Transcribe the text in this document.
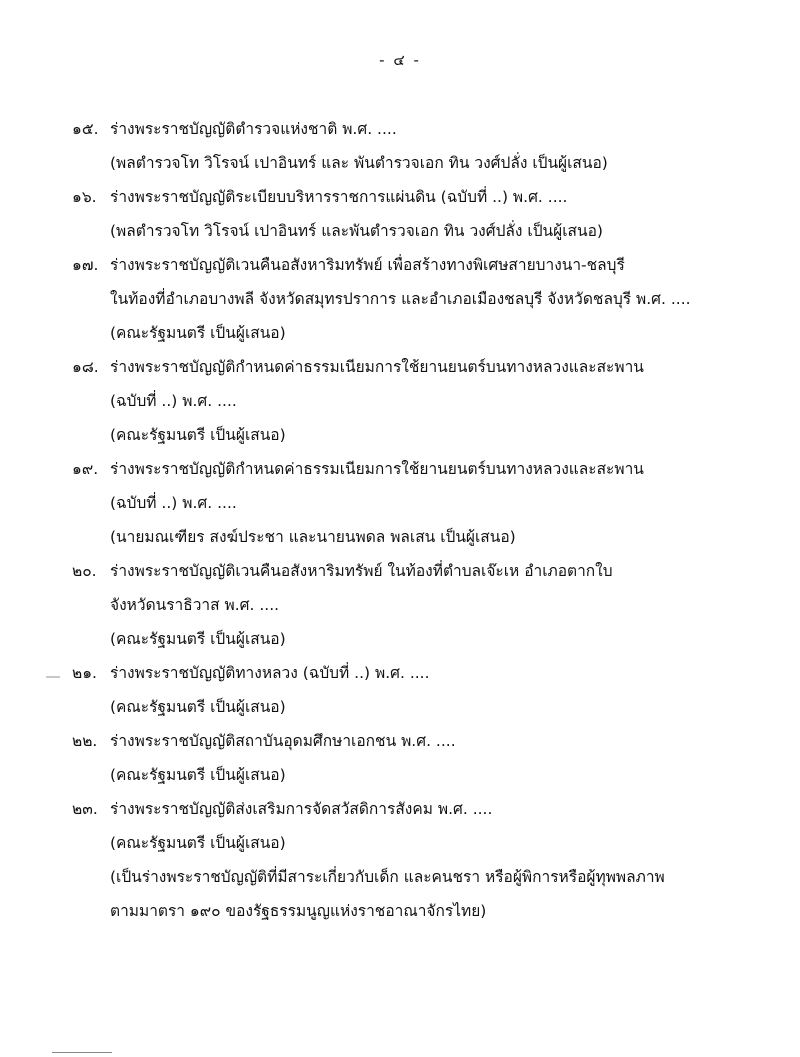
- ๔ -
๑๕. ร่างพระราชบัญญัติตำรวจแห่งชาติ พ.ศ. ....
(พลตำรวจโท วิโรจน์ เปาอินทร์ และ พันตำรวจเอก ทิน วงศ์ปลั่ง เป็นผู้เสนอ)
๑๖. ร่างพระราชบัญญัติระเบียบบริหารราชการแผ่นดิน (ฉบับที่ ..) พ.ศ. ....
(พลตำรวจโท วิโรจน์ เปาอินทร์ และพันตำรวจเอก ทิน วงศ์ปลั่ง เป็นผู้เสนอ)
๑๗. ร่างพระราชบัญญัติเวนคืนอสังหาริมทรัพย์ เพื่อสร้างทางพิเศษสายบางนา-ชลบุรี
ในท้องที่อำเภอบางพลี จังหวัดสมุทรปราการ และอำเภอเมืองชลบุรี จังหวัดชลบุรี พ.ศ. ....
(คณะรัฐมนตรี เป็นผู้เสนอ)
๑๘. ร่างพระราชบัญญัติกำหนดค่าธรรมเนียมการใช้ยานยนตร์บนทางหลวงและสะพาน
(ฉบับที่ ..) พ.ศ. ....
(คณะรัฐมนตรี เป็นผู้เสนอ)
๑๙. ร่างพระราชบัญญัติกำหนดค่าธรรมเนียมการใช้ยานยนตร์บนทางหลวงและสะพาน
(ฉบับที่ ..) พ.ศ. ....
(นายมณเฑียร สงฆ์ประชา และนายนพดล พลเสน เป็นผู้เสนอ)
๒๐. ร่างพระราชบัญญัติเวนคืนอสังหาริมทรัพย์ ในท้องที่ตำบลเจ๊ะเห อำเภอตากใบ
จังหวัดนราธิวาส พ.ศ. ....
(คณะรัฐมนตรี เป็นผู้เสนอ)
๒๑. ร่างพระราชบัญญัติทางหลวง (ฉบับที่ ..) พ.ศ. ....
(คณะรัฐมนตรี เป็นผู้เสนอ)
๒๒. ร่างพระราชบัญญัติสถาบันอุดมศึกษาเอกชน พ.ศ. ....
(คณะรัฐมนตรี เป็นผู้เสนอ)
๒๓. ร่างพระราชบัญญัติส่งเสริมการจัดสวัสดิการสังคม พ.ศ. ....
(คณะรัฐมนตรี เป็นผู้เสนอ)
(เป็นร่างพระราชบัญญัติที่มีสาระเกี่ยวกับเด็ก และคนชรา หรือผู้พิการหรือผู้ทุพพลภาพ
ตามมาตรา ๑๙๐ ของรัฐธรรมนูญแห่งราชอาณาจักรไทย)
